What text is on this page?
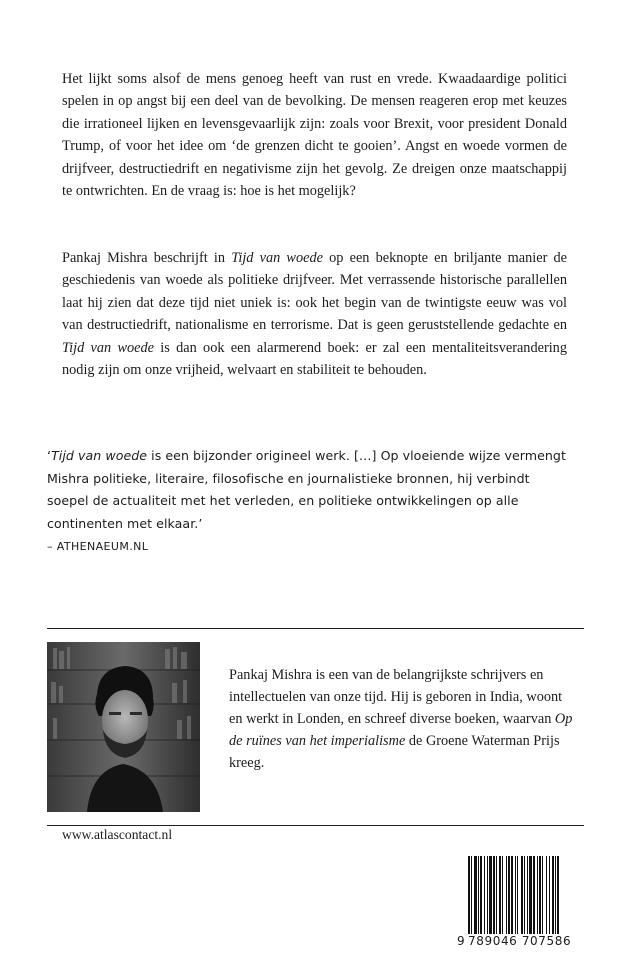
Het lijkt soms alsof de mens genoeg heeft van rust en vrede. Kwaadaardige politici spelen in op angst bij een deel van de bevolking. De mensen reageren erop met keuzes die irrationeel lijken en levensgevaarlijk zijn: zoals voor Brexit, voor president Donald Trump, of voor het idee om ‘de grenzen dicht te gooien’. Angst en woede vormen de drijfveer, destructiedrift en negativisme zijn het gevolg. Ze dreigen onze maatschappij te ontwrichten. En de vraag is: hoe is het mogelijk?

Pankaj Mishra beschrijft in Tijd van woede op een beknopte en briljante manier de geschiedenis van woede als politieke drijfveer. Met verrassende historische parallellen laat hij zien dat deze tijd niet uniek is: ook het begin van de twintigste eeuw was vol van destructiedrift, nationalisme en terrorisme. Dat is geen geruststellende gedachte en Tijd van woede is dan ook een alarmerend boek: er zal een mentaliteitsverandering nodig zijn om onze vrijheid, welvaart en stabiliteit te behouden.

‘Tijd van woede is een bijzonder origineel werk. […] Op vloeiende wijze vermengt Mishra politieke, literaire, filosofische en journalistieke bronnen, hij verbindt soepel de actualiteit met het verleden, en politieke ontwikkelingen op alle continenten met elkaar.’

– ATHENAEUM.NL

Pankaj Mishra is een van de belangrijkste schrijvers en intellectuelen van onze tijd. Hij is geboren in India, woont en werkt in Londen, en schreef diverse boeken, waarvan Op de ruïnes van het imperialisme de Groene Waterman Prijs kreeg.

www.atlascontact.nl

9 789046 707586
